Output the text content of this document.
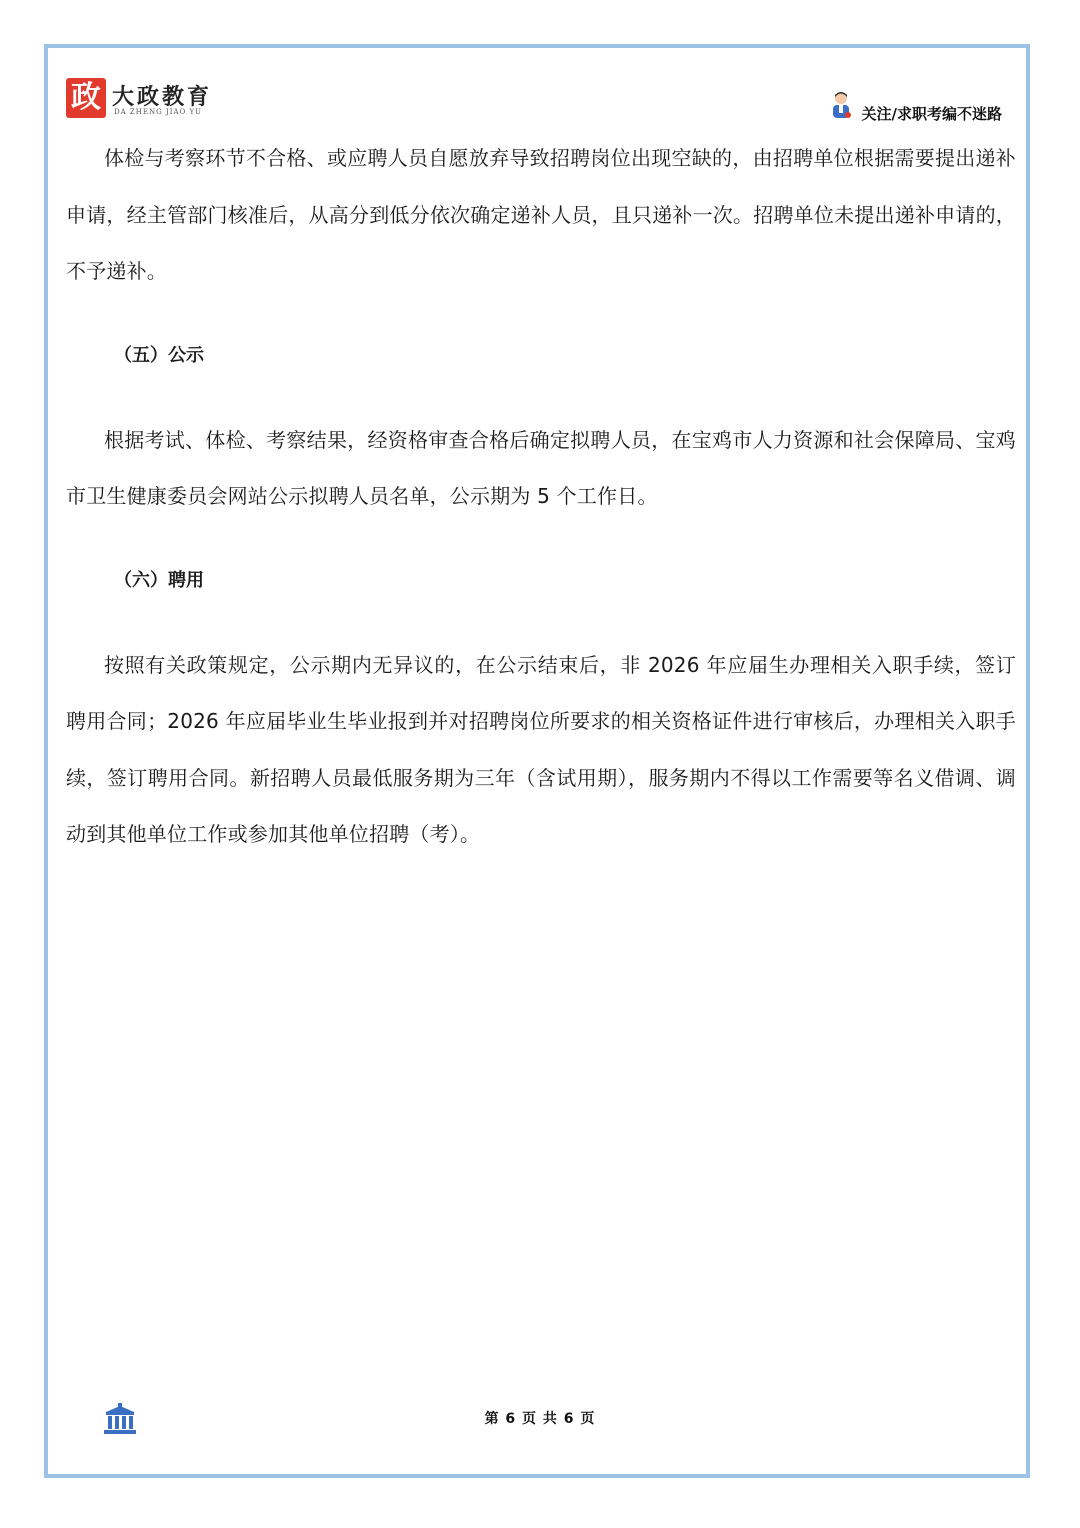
政 大政教育
DA ZHENG JIAO YU	关注/求职考编不迷路

体检与考察环节不合格、或应聘人员自愿放弃导致招聘岗位出现空缺的，由招聘单位根据需要提出递补申请，经主管部门核准后，从高分到低分依次确定递补人员，且只递补一次。招聘单位未提出递补申请的，不予递补。

（五）公示

根据考试、体检、考察结果，经资格审查合格后确定拟聘人员，在宝鸡市人力资源和社会保障局、宝鸡市卫生健康委员会网站公示拟聘人员名单，公示期为 5 个工作日。

（六）聘用

按照有关政策规定，公示期内无异议的，在公示结束后，非 2026 年应届生办理相关入职手续，签订聘用合同；2026 年应届毕业生毕业报到并对招聘岗位所要求的相关资格证件进行审核后，办理相关入职手续，签订聘用合同。新招聘人员最低服务期为三年（含试用期），服务期内不得以工作需要等名义借调、调动到其他单位工作或参加其他单位招聘（考）。

第 6 页 共 6 页
